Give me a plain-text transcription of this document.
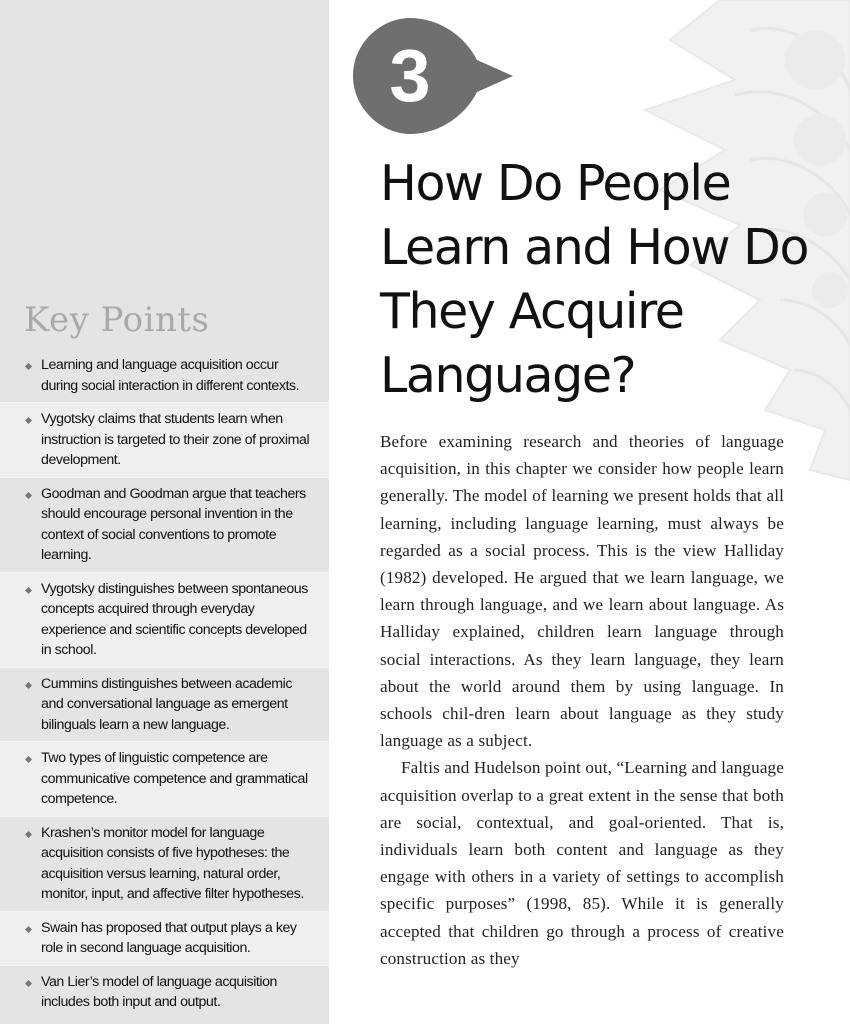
Key Points
Learning and language acquisition occur during social interaction in different contexts.
Vygotsky claims that students learn when instruction is targeted to their zone of proximal development.
Goodman and Goodman argue that teachers should encourage personal invention in the context of social conventions to promote learning.
Vygotsky distinguishes between spontaneous concepts acquired through everyday experience and scientific concepts developed in school.
Cummins distinguishes between academic and conversational language as emergent bilinguals learn a new language.
Two types of linguistic competence are communicative competence and grammatical competence.
Krashen’s monitor model for language acquisition consists of five hypotheses: the acquisition versus learning, natural order, monitor, input, and affective filter hypotheses.
Swain has proposed that output plays a key role in second language acquisition.
Van Lier’s model of language acquisition includes both input and output.
3
How Do People Learn and How Do They Acquire Language?

Before examining research and theories of language acquisition, in this chapter we consider how people learn generally. The model of learning we present holds that all learning, including language learning, must always be regarded as a social process. This is the view Halliday (1982) developed. He argued that we learn language, we learn through language, and we learn about language. As Halliday explained, children learn language through social interactions. As they learn language, they learn about the world around them by using language. In schools chil-dren learn about language as they study language as a subject.

Faltis and Hudelson point out, “Learning and language acquisition overlap to a great extent in the sense that both are social, contextual, and goal-oriented. That is, individuals learn both content and language as they engage with others in a variety of settings to accomplish specific purposes” (1998, 85). While it is generally accepted that children go through a process of creative construction as they
